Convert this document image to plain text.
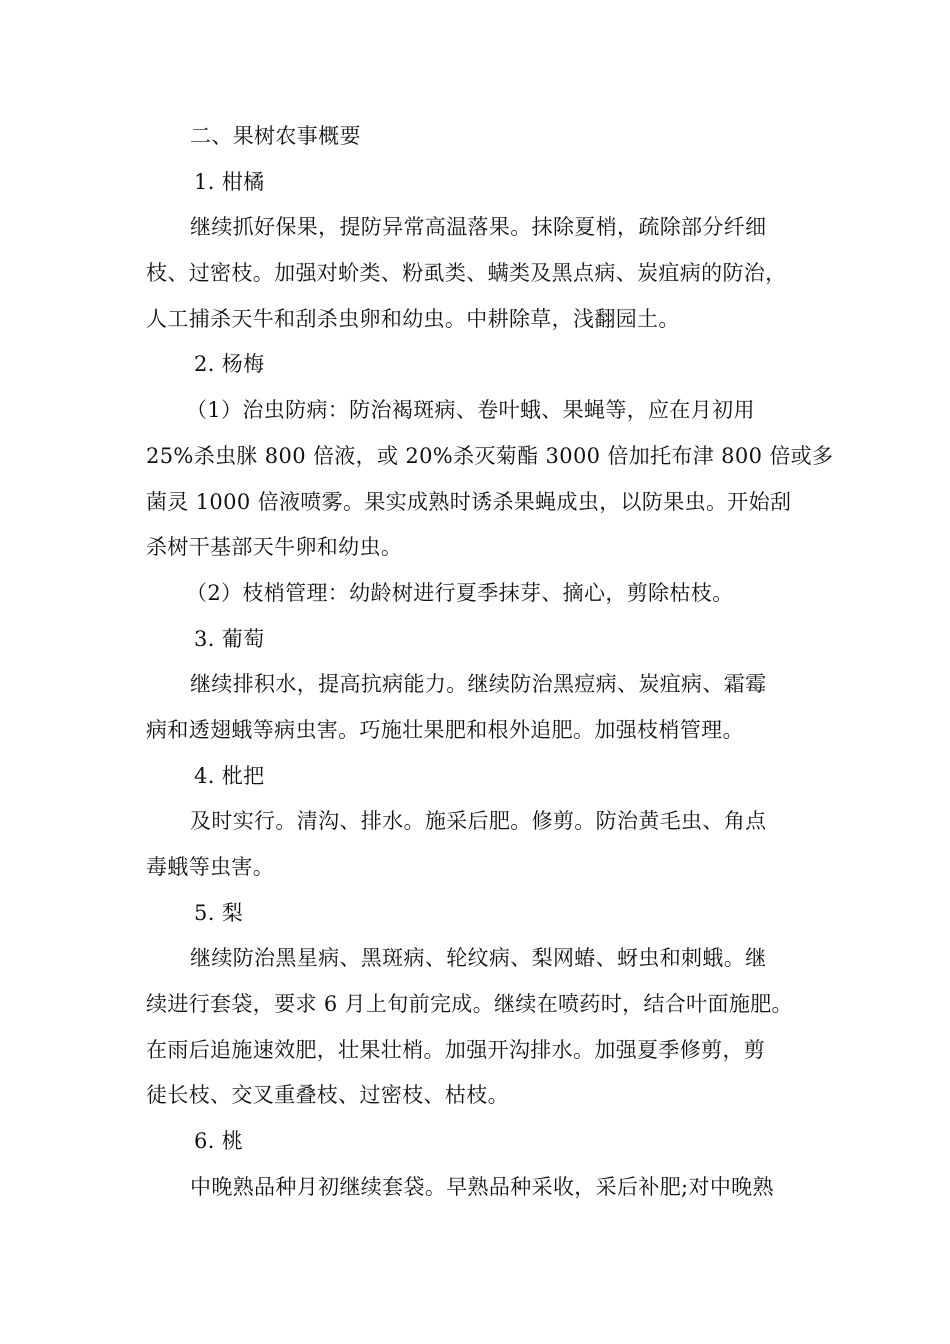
二、果树农事概要
1. 柑橘
继续抓好保果，提防异常高温落果。抹除夏梢，疏除部分纤细
枝、过密枝。加强对蚧类、粉虱类、螨类及黑点病、炭疽病的防治，
人工捕杀天牛和刮杀虫卵和幼虫。中耕除草，浅翻园土。
2. 杨梅
（1）治虫防病：防治褐斑病、卷叶蛾、果蝇等，应在月初用
25%杀虫脒 800 倍液，或 20%杀灭菊酯 3000 倍加托布津 800 倍或多
菌灵 1000 倍液喷雾。果实成熟时诱杀果蝇成虫，以防果虫。开始刮
杀树干基部天牛卵和幼虫。
（2）枝梢管理：幼龄树进行夏季抹芽、摘心，剪除枯枝。
3. 葡萄
继续排积水，提高抗病能力。继续防治黑痘病、炭疽病、霜霉
病和透翅蛾等病虫害。巧施壮果肥和根外追肥。加强枝梢管理。
4. 枇把
及时实行。清沟、排水。施采后肥。修剪。防治黄毛虫、角点
毒蛾等虫害。
5. 梨
继续防治黑星病、黑斑病、轮纹病、梨网蝽、蚜虫和刺蛾。继
续进行套袋，要求 6 月上旬前完成。继续在喷药时，结合叶面施肥。
在雨后追施速效肥，壮果壮梢。加强开沟排水。加强夏季修剪，剪
徒长枝、交叉重叠枝、过密枝、枯枝。
6. 桃
中晚熟品种月初继续套袋。早熟品种采收，采后补肥;对中晚熟
